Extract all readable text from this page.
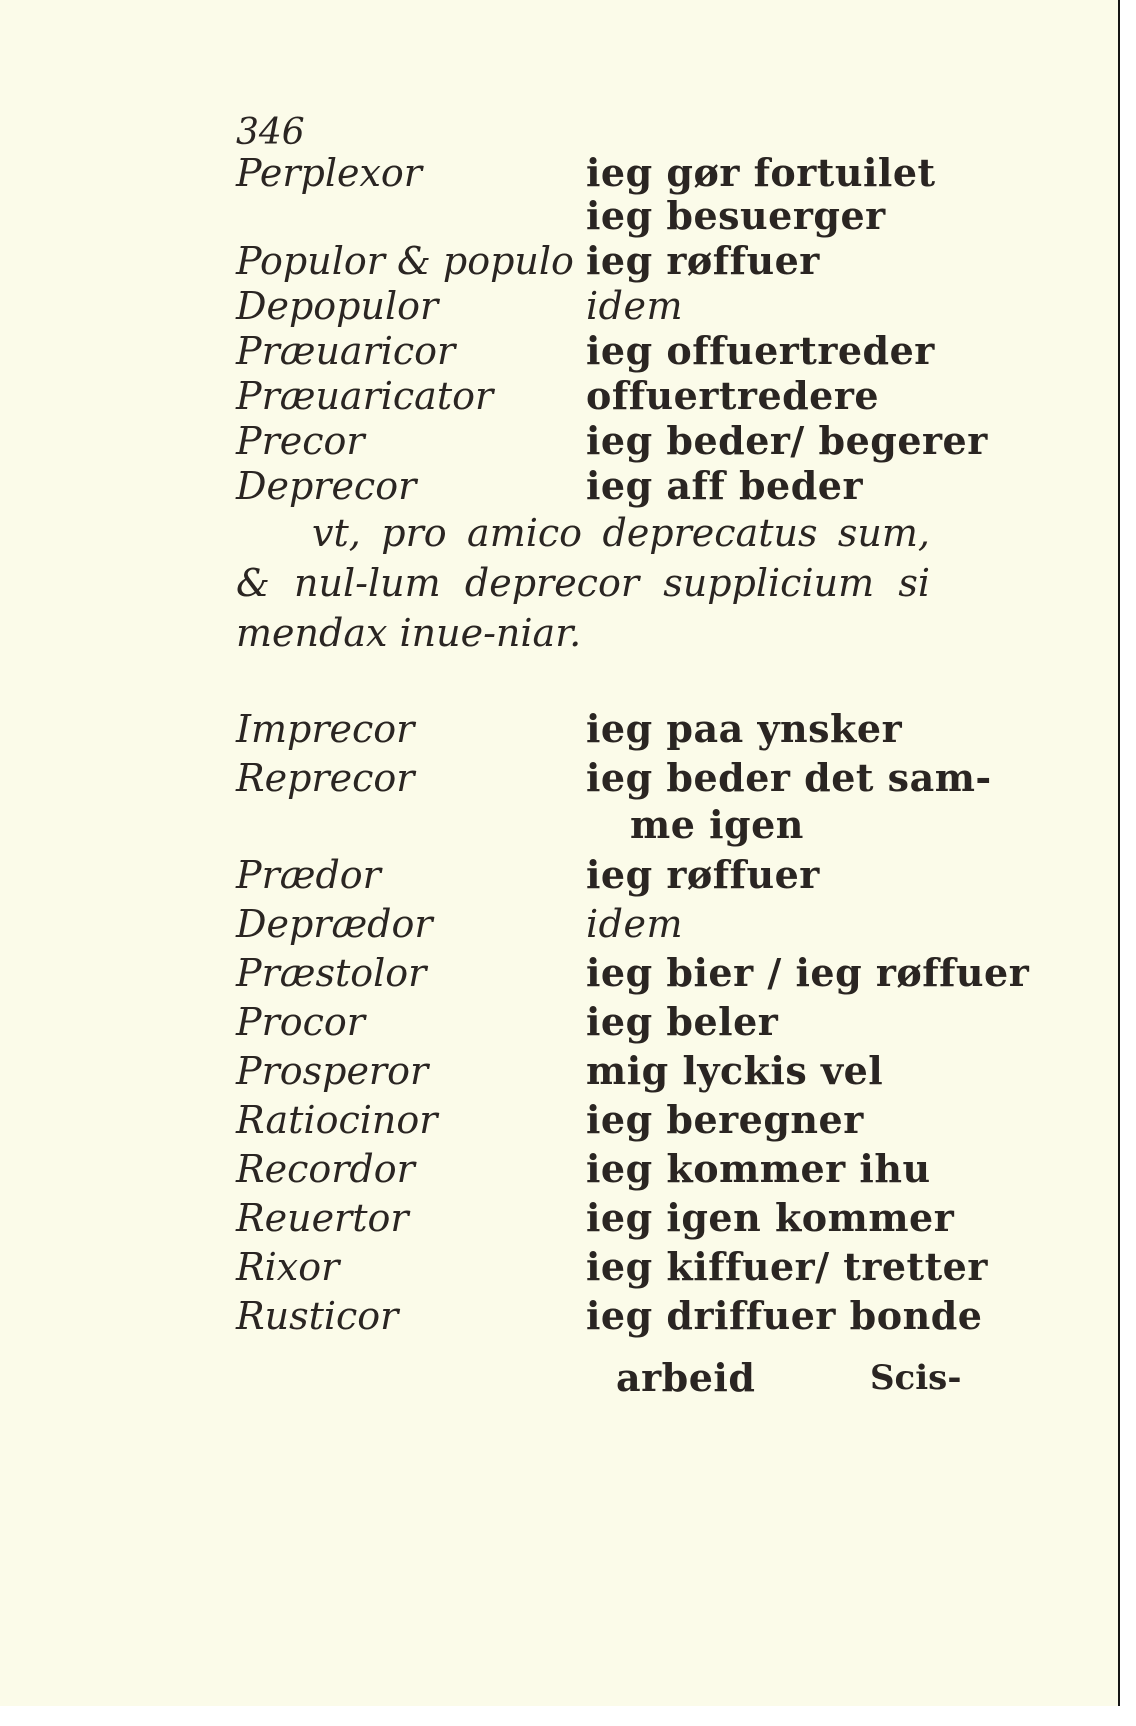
346
Perplexor	ieg gør fortuilet
ieg besuerger
Populor & populo ieg røffuer
Depopulor	idem
Præuaricor	ieg offuertreder
Præuaricator offuertredere
Precor	ieg beder/ begerer
Deprecor	ieg aff beder
vt, pro amico deprecatus sum, & nul-lum deprecor supplicium si mendax inue-niar.
Imprecor	ieg paa ynsker
Reprecor	ieg beder det sam-
me igen
Prædor	ieg røffuer
Deprædor	idem
Præstolor	ieg bier / ieg røffuer
Procor	ieg beler
Prosperor	mig lyckis vel
Ratiocinor	ieg beregner
Recordor	ieg kommer ihu
Reuertor	ieg igen kommer
Rixor	ieg kiffuer/ tretter
Rusticor	ieg driffuer bonde
arbeid	Scis-
